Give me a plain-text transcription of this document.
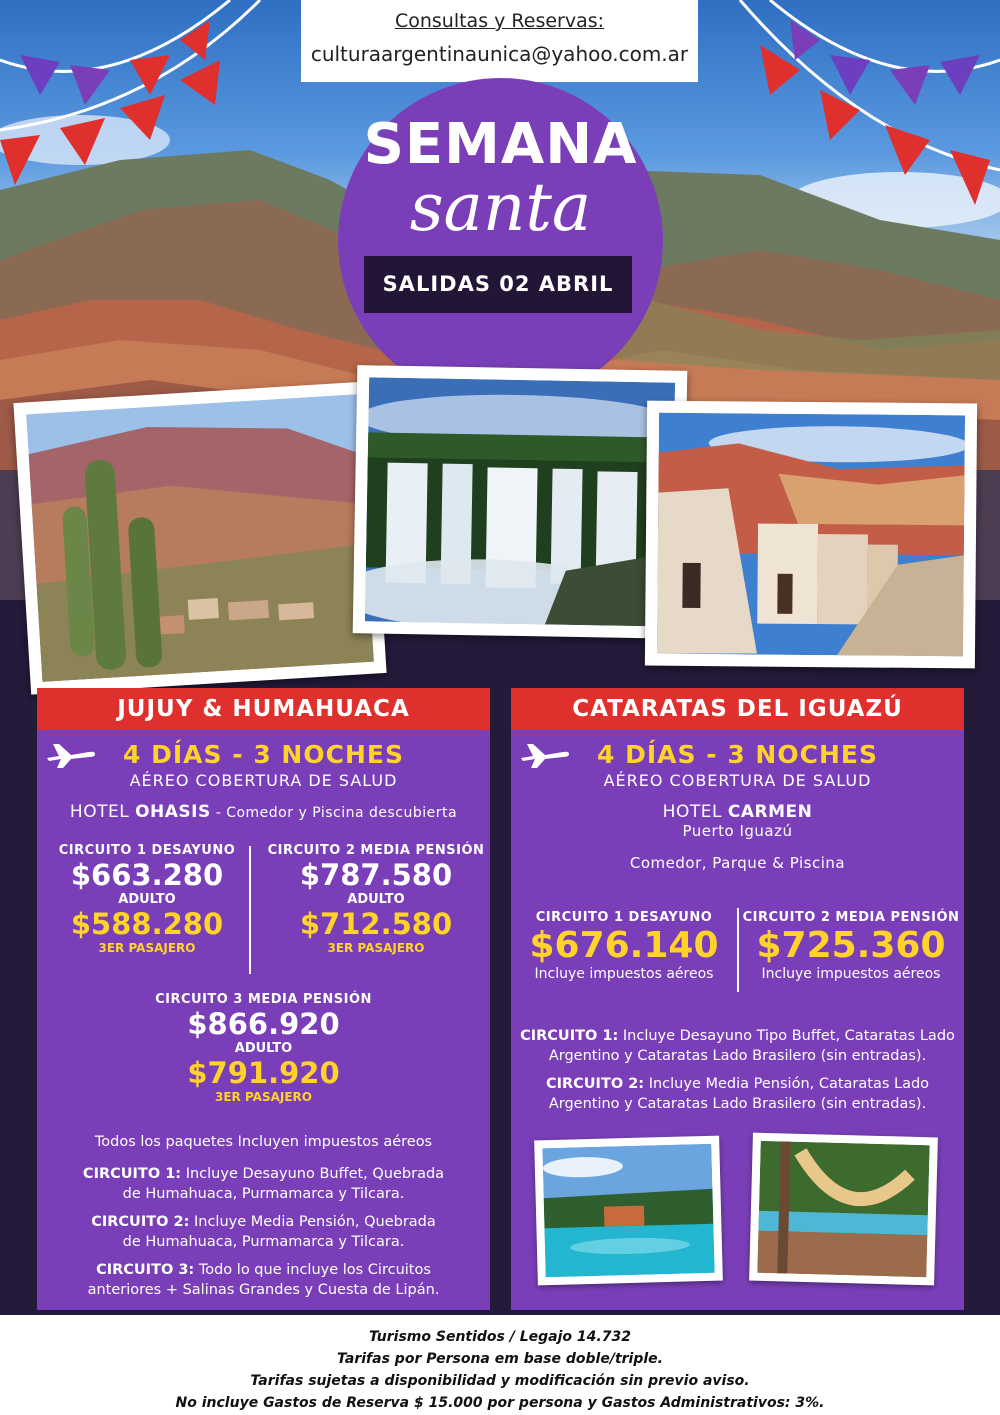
Consultas y Reservas:
culturaargentinaunica@yahoo.com.ar
SEMANA
santa
SALIDAS 02 ABRIL
JUJUY & HUMAHUACA
4 DÍAS - 3 NOCHES
AÉREO COBERTURA DE SALUD
HOTEL OHASIS - Comedor y Piscina descubierta
CIRCUITO 1 DESAYUNO
$663.280
ADULTO
$588.280
3ER PASAJERO
CIRCUITO 2 MEDIA PENSIÓN
$787.580
ADULTO
$712.580
3ER PASAJERO
CIRCUITO 3 MEDIA PENSIÓN
$866.920
ADULTO
$791.920
3ER PASAJERO
Todos los paquetes Incluyen impuestos aéreos
CIRCUITO 1: Incluye Desayuno Buffet, Quebrada
de Humahuaca, Purmamarca y Tilcara.
CIRCUITO 2: Incluye Media Pensión, Quebrada
de Humahuaca, Purmamarca y Tilcara.
CIRCUITO 3: Todo lo que incluye los Circuitos
anteriores + Salinas Grandes y Cuesta de Lipán.
CATARATAS DEL IGUAZÚ
4 DÍAS - 3 NOCHES
AÉREO COBERTURA DE SALUD
HOTEL CARMEN
Puerto Iguazú
Comedor, Parque & Piscina
CIRCUITO 1 DESAYUNO
$676.140
Incluye impuestos aéreos
CIRCUITO 2 MEDIA PENSIÓN
$725.360
Incluye impuestos aéreos
CIRCUITO 1: Incluye Desayuno Tipo Buffet, Cataratas Lado
Argentino y Cataratas Lado Brasilero (sin entradas).
CIRCUITO 2: Incluye Media Pensión, Cataratas Lado
Argentino y Cataratas Lado Brasilero (sin entradas).
Turismo Sentidos / Legajo 14.732
Tarifas por Persona em base doble/triple.
Tarifas sujetas a disponibilidad y modificación sin previo aviso.
No incluye Gastos de Reserva $ 15.000 por persona y Gastos Administrativos: 3%.
